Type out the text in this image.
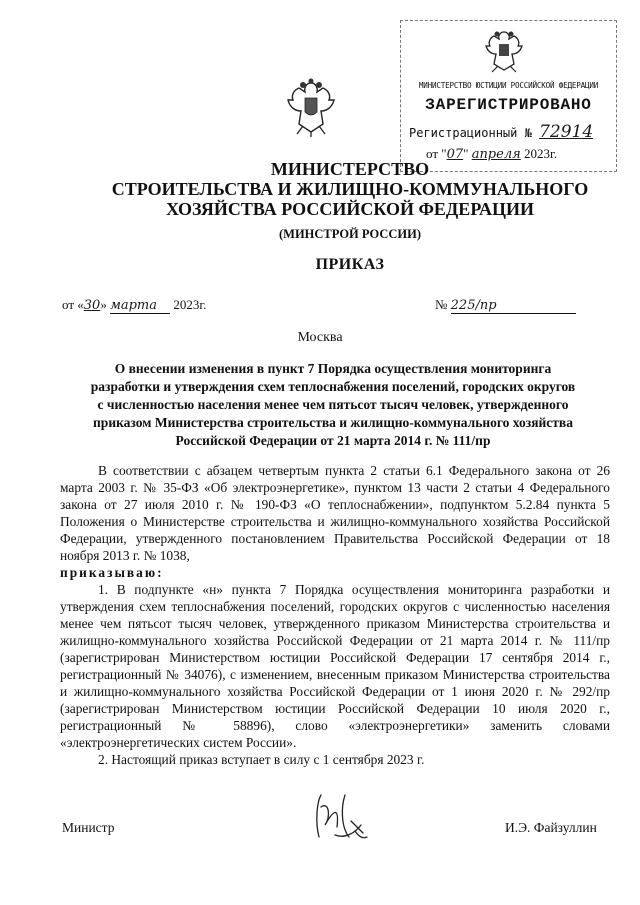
МИНИСТЕРСТВО ЮСТИЦИИ РОССИЙСКОЙ ФЕДЕРАЦИИ
ЗАРЕГИСТРИРОВАНО
Регистрационный № 72914
от "07" апреля 2023г.
МИНИСТЕРСТВО
СТРОИТЕЛЬСТВА И ЖИЛИЩНО-КОММУНАЛЬНОГО
ХОЗЯЙСТВА РОССИЙСКОЙ ФЕДЕРАЦИИ
(МИНСТРОЙ РОССИИ)
ПРИКАЗ
от «30» марта 2023г.	№ 225/пр
Москва
О внесении изменения в пункт 7 Порядка осуществления мониторинга
разработки и утверждения схем теплоснабжения поселений, городских округов
с численностью населения менее чем пятьсот тысяч человек, утвержденного
приказом Министерства строительства и жилищно-коммунального хозяйства
Российской Федерации от 21 марта 2014 г. № 111/пр

В соответствии с абзацем четвертым пункта 2 статьи 6.1 Федерального закона от 26 марта 2003 г. № 35-ФЗ «Об электроэнергетике», пунктом 13 части 2 статьи 4 Федерального закона от 27 июля 2010 г. № 190-ФЗ «О теплоснабжении», подпунктом 5.2.84 пункта 5 Положения о Министерстве строительства и жилищно-коммунального хозяйства Российской Федерации, утвержденного постановлением Правительства Российской Федерации от 18 ноября 2013 г. № 1038,

приказываю:

1. В подпункте «н» пункта 7 Порядка осуществления мониторинга разработки и утверждения схем теплоснабжения поселений, городских округов с численностью населения менее чем пятьсот тысяч человек, утвержденного приказом Министерства строительства и жилищно-коммунального хозяйства Российской Федерации от 21 марта 2014 г. № 111/пр (зарегистрирован Министерством юстиции Российской Федерации 17 сентября 2014 г., регистрационный № 34076), с изменением, внесенным приказом Министерства строительства и жилищно-коммунального хозяйства Российской Федерации от 1 июня 2020 г. № 292/пр (зарегистрирован Министерством юстиции Российской Федерации 10 июля 2020 г., регистрационный № 58896), слово «электроэнергетики» заменить словами «электроэнергетических систем России».

2. Настоящий приказ вступает в силу с 1 сентября 2023 г.

Министр	И.Э. Файзуллин
